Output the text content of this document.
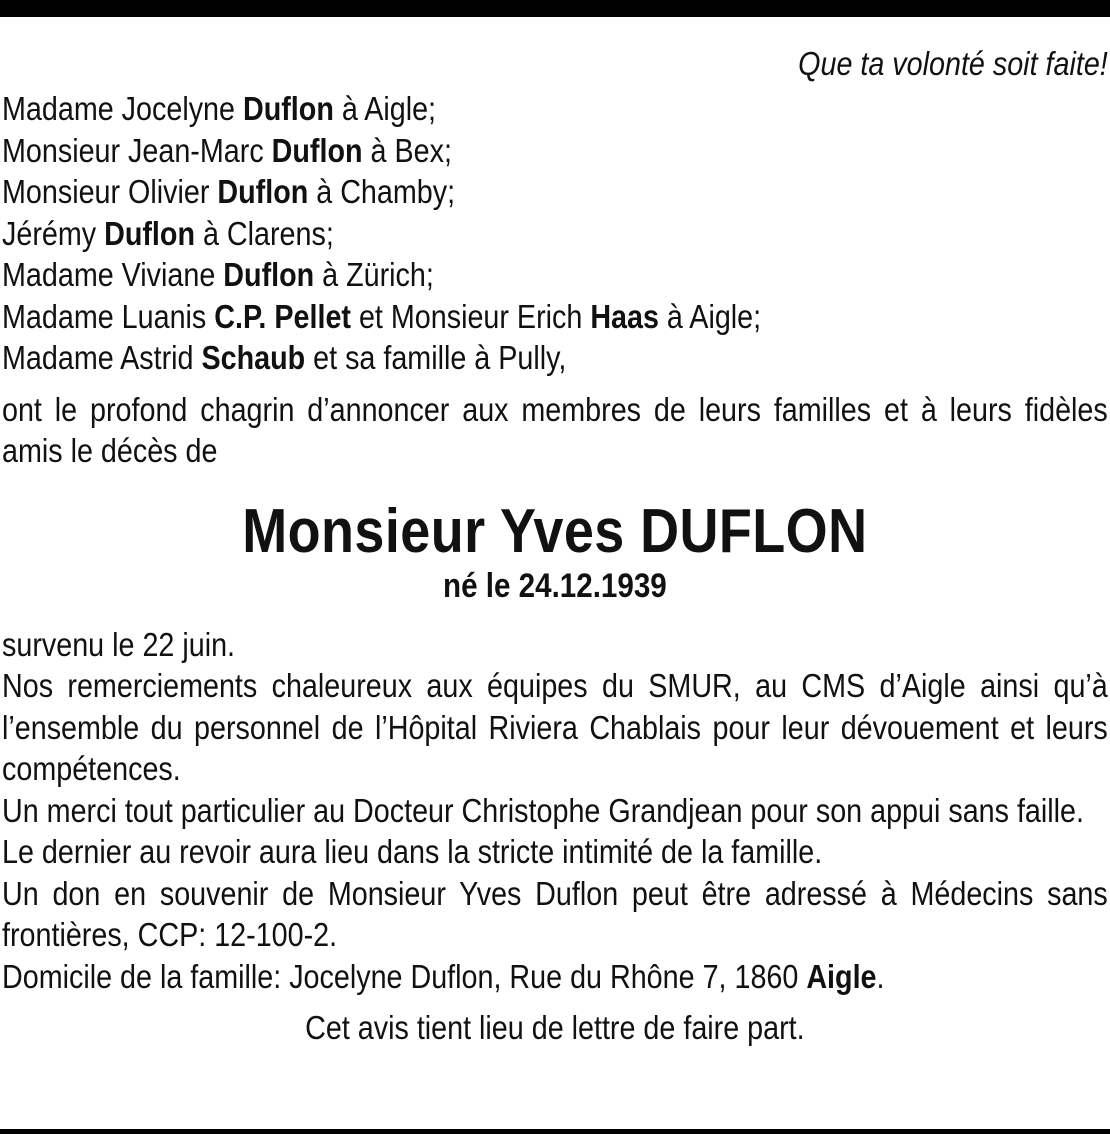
Que ta volonté soit faite!
Madame Jocelyne Duflon à Aigle;
Monsieur Jean-Marc Duflon à Bex;
Monsieur Olivier Duflon à Chamby;
Jérémy Duflon à Clarens;
Madame Viviane Duflon à Zürich;
Madame Luanis C.P. Pellet et Monsieur Erich Haas à Aigle;
Madame Astrid Schaub et sa famille à Pully,
ont le profond chagrin d’annoncer aux membres de leurs familles et à leurs fidèles amis le décès de
Monsieur Yves DUFLON
né le 24.12.1939
survenu le 22 juin.
Nos remerciements chaleureux aux équipes du SMUR, au CMS d’Aigle ainsi qu’à l’ensemble du personnel de l’Hôpital Riviera Chablais pour leur dévouement et leurs compétences.
Un merci tout particulier au Docteur Christophe Grandjean pour son appui sans faille.
Le dernier au revoir aura lieu dans la stricte intimité de la famille.
Un don en souvenir de Monsieur Yves Duflon peut être adressé à Médecins sans frontières, CCP: 12-100-2.
Domicile de la famille: Jocelyne Duflon, Rue du Rhône 7, 1860 Aigle.
Cet avis tient lieu de lettre de faire part.
